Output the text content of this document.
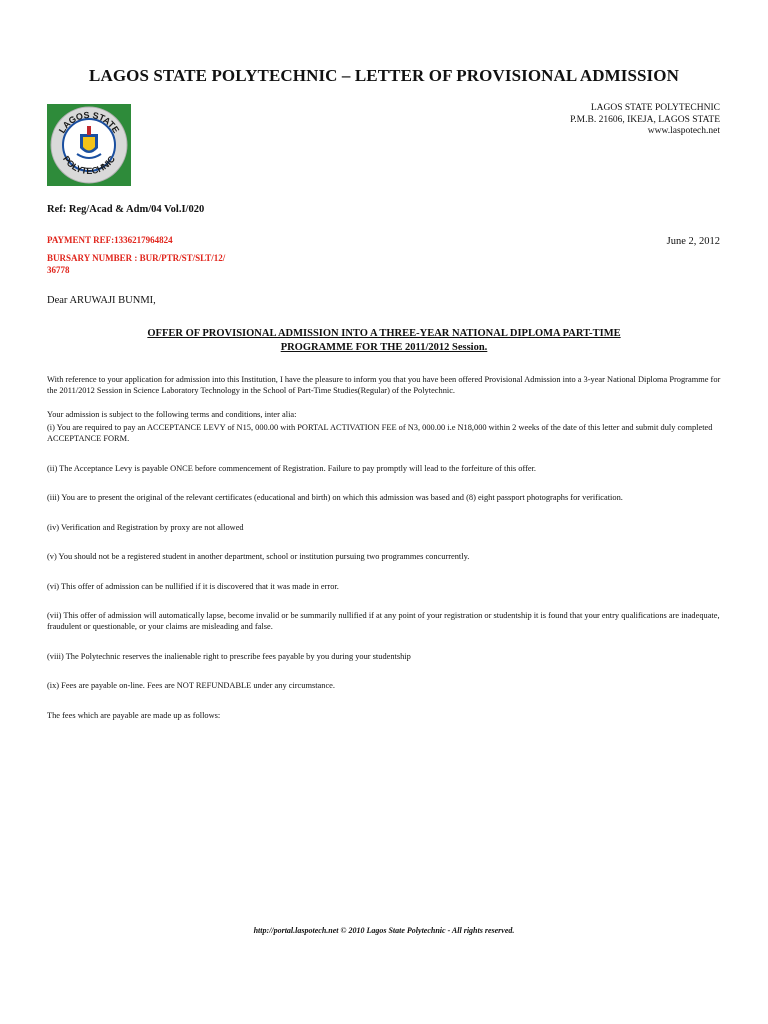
LAGOS STATE POLYTECHNIC – LETTER OF PROVISIONAL ADMISSION
LAGOS STATE
POLYTECHNIC
LAGOS STATE POLYTECHNIC
P.M.B. 21606, IKEJA, LAGOS STATE
www.laspotech.net
Ref: Reg/Acad & Adm/04 Vol.I/020
PAYMENT REF:1336217964824
BURSARY NUMBER : BUR/PTR/ST/SLT/12/
36778
June 2, 2012
Dear ARUWAJI BUNMI,
OFFER OF PROVISIONAL ADMISSION INTO A THREE-YEAR NATIONAL DIPLOMA PART-TIME
PROGRAMME FOR THE 2011/2012 Session.

With reference to your application for admission into this Institution, I have the pleasure to inform you that you have been offered Provisional Admission into a 3-year National Diploma Programme for the 2011/2012 Session in Science Laboratory Technology in the School of Part-Time Studies(Regular) of the Polytechnic.

Your admission is subject to the following terms and conditions, inter alia:

(i) You are required to pay an ACCEPTANCE LEVY of N15, 000.00 with PORTAL ACTIVATION FEE of N3, 000.00 i.e N18,000 within 2 weeks of the date of this letter and submit duly completed ACCEPTANCE FORM.

(ii) The Acceptance Levy is payable ONCE before commencement of Registration. Failure to pay promptly will lead to the forfeiture of this offer.

(iii) You are to present the original of the relevant certificates (educational and birth) on which this admission was based and (8) eight passport photographs for verification.

(iv) Verification and Registration by proxy are not allowed

(v) You should not be a registered student in another department, school or institution pursuing two programmes concurrently.

(vi) This offer of admission can be nullified if it is discovered that it was made in error.

(vii) This offer of admission will automatically lapse, become invalid or be summarily nullified if at any point of your registration or studentship it is found that your entry qualifications are inadequate, fraudulent or questionable, or your claims are misleading and false.

(viii) The Polytechnic reserves the inalienable right to prescribe fees payable by you during your studentship

(ix) Fees are payable on-line. Fees are NOT REFUNDABLE under any circumstance.

The fees which are payable are made up as follows:

http://portal.laspotech.net © 2010 Lagos State Polytechnic - All rights reserved.
